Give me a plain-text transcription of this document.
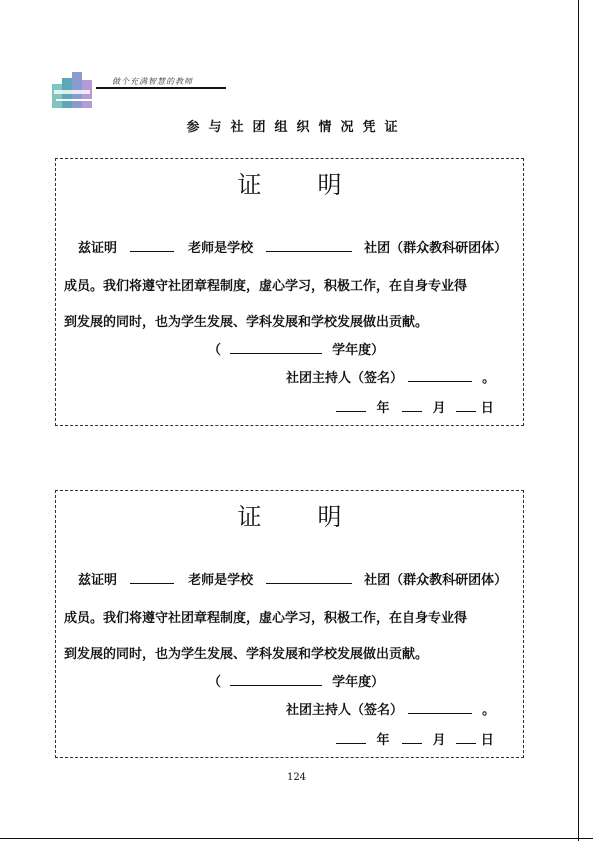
做个充满智慧的教师
参与社团组织情况凭证
证明
兹证明	老师是学校	社团（群众教科研团体）
成员。我们将遵守社团章程制度，虚心学习，积极工作，在自身专业得
到发展的同时，也为学生发展、学科发展和学校发展做出贡献。
（	学年度）
社团主持人（签名）	。
年	月	日
证明
兹证明	老师是学校	社团（群众教科研团体）
成员。我们将遵守社团章程制度，虚心学习，积极工作，在自身专业得
到发展的同时，也为学生发展、学科发展和学校发展做出贡献。
（	学年度）
社团主持人（签名）	。
年	月	日
124
